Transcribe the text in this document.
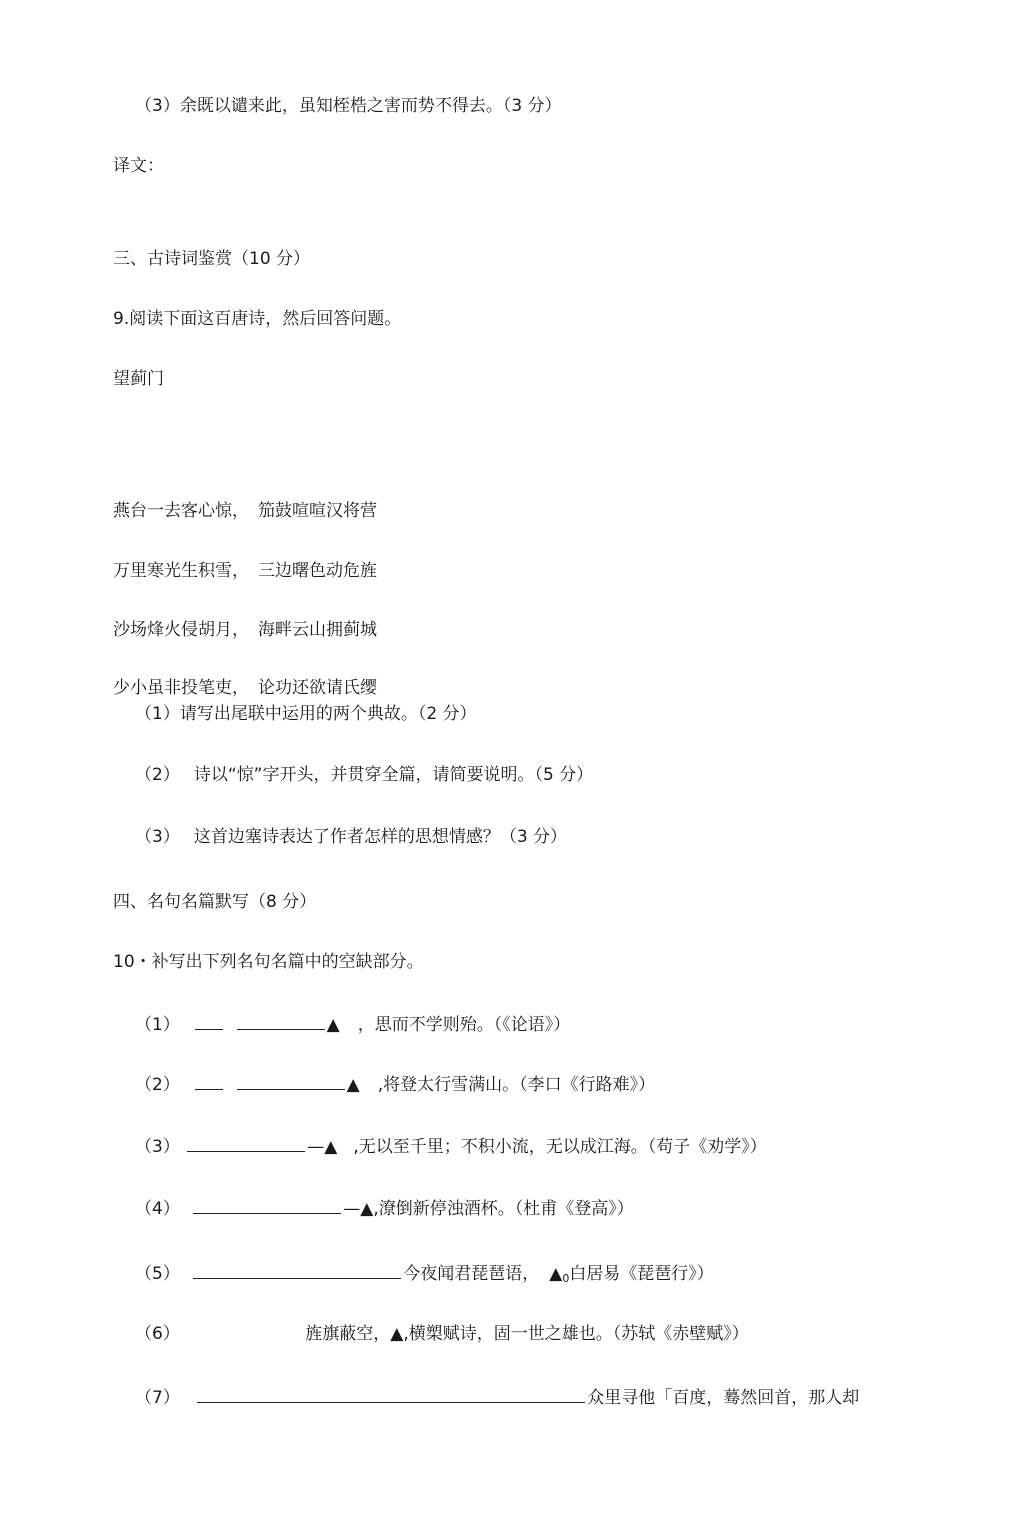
（3）余既以谴来此，虽知桎梏之害而势不得去。（3 分）
译文：
三、古诗词鉴赏（10 分）
9.阅读下面这百唐诗，然后回答问题。
望蓟门
燕台一去客心惊， 笳鼓喧喧汉将营
万里寒光生积雪， 三边曙色动危旌
沙场烽火侵胡月， 海畔云山拥蓟城
少小虽非投笔吏， 论功还欲请氏缨
（1）请写出尾联中运用的两个典故。（2 分）
（2） 诗以“惊”字开头，并贯穿全篇，请简要说明。（5 分）
（3） 这首边塞诗表达了作者怎样的思想情感？（3 分）
四、名句名篇默写（8 分）
10・补写出下列名句名篇中的空缺部分。
（1）	▲ ，思而不学则殆。（《论语》）
（2）	▲ ,将登太行雪满山。（李口《行路难》）
（3）	—▲ ,无以至千里；不积小流，无以成江海。（苟子《劝学》）
（4）	—▲,潦倒新停浊酒杯。（杜甫《登高》）
（5）	今夜闻君琵琶语， $▲_0$白居易《琵琶行》）
（6）	旌旗蔽空，▲,横槊赋诗，固一世之雄也。（苏轼《赤壁赋》）
（7）	众里寻他「百度，蓦然回首，那人却
